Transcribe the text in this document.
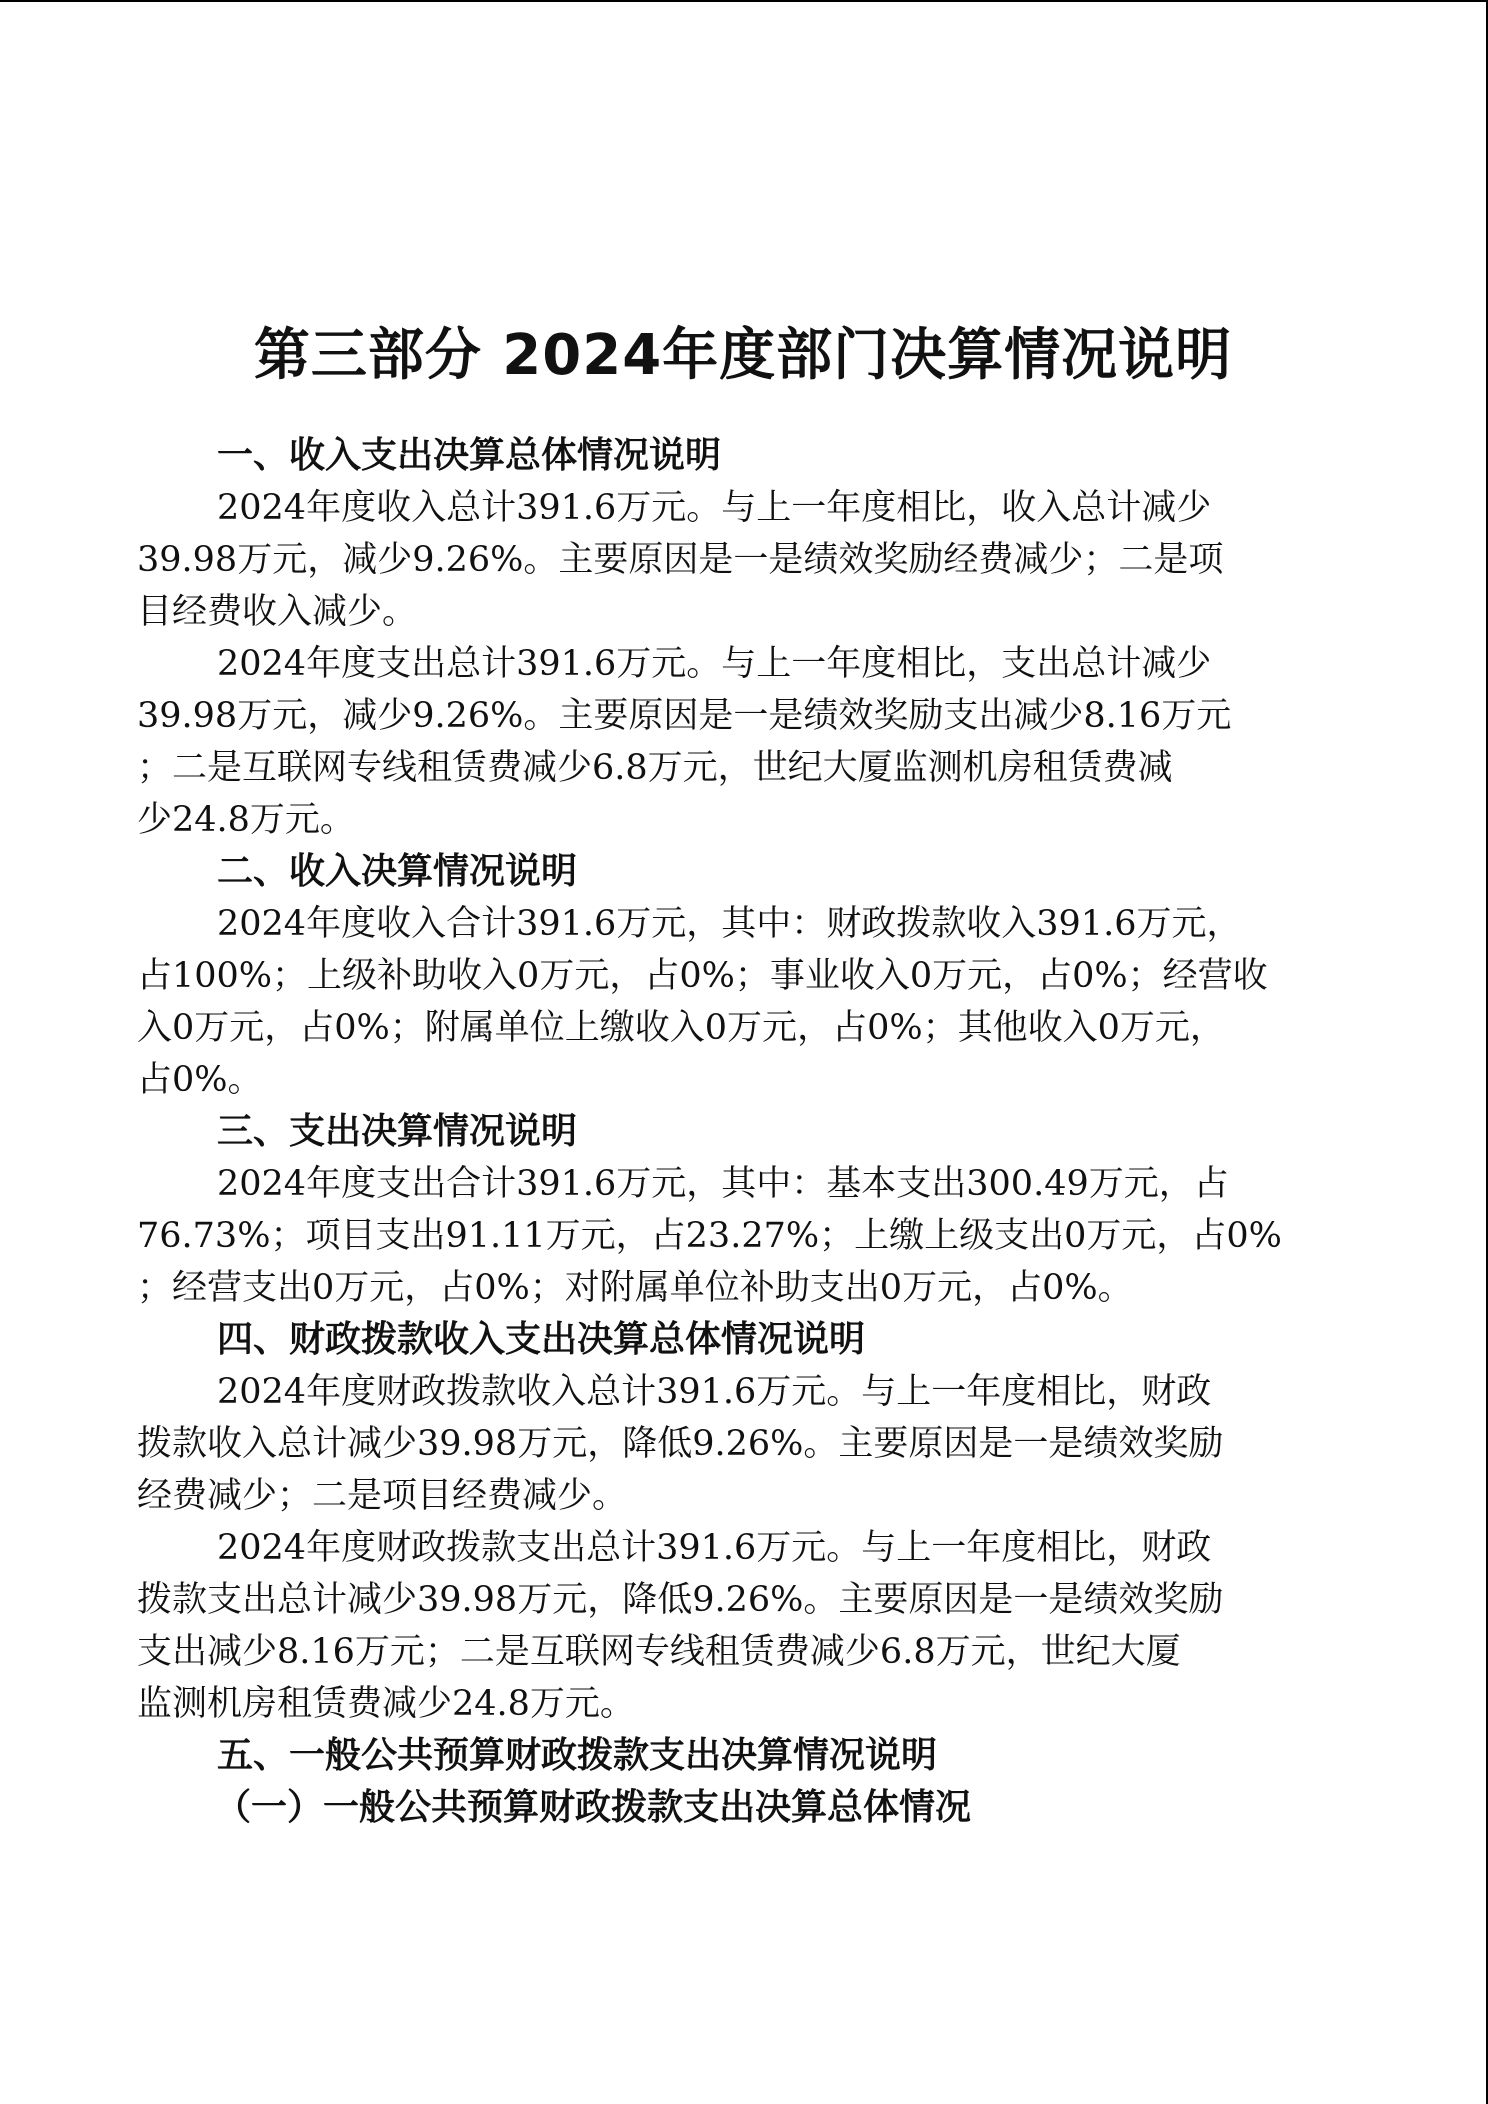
第三部分 2024年度部门决算情况说明
一、收入支出决算总体情况说明

2024年度收入总计391.6万元。与上一年度相比，收入总计减少
39.98万元，减少9.26%。主要原因是一是绩效奖励经费减少；二是项
目经费收入减少。

2024年度支出总计391.6万元。与上一年度相比，支出总计减少
39.98万元，减少9.26%。主要原因是一是绩效奖励支出减少8.16万元
；二是互联网专线租赁费减少6.8万元，世纪大厦监测机房租赁费减
少24.8万元。

二、收入决算情况说明

2024年度收入合计391.6万元，其中：财政拨款收入391.6万元，
占100%；上级补助收入0万元，占0%；事业收入0万元，占0%；经营收
入0万元，占0%；附属单位上缴收入0万元，占0%；其他收入0万元，
占0%。

三、支出决算情况说明

2024年度支出合计391.6万元，其中：基本支出300.49万元，占
76.73%；项目支出91.11万元，占23.27%；上缴上级支出0万元，占0%
；经营支出0万元，占0%；对附属单位补助支出0万元，占0%。

四、财政拨款收入支出决算总体情况说明

2024年度财政拨款收入总计391.6万元。与上一年度相比，财政
拨款收入总计减少39.98万元，降低9.26%。主要原因是一是绩效奖励
经费减少；二是项目经费减少。

2024年度财政拨款支出总计391.6万元。与上一年度相比，财政
拨款支出总计减少39.98万元，降低9.26%。主要原因是一是绩效奖励
支出减少8.16万元；二是互联网专线租赁费减少6.8万元，世纪大厦
监测机房租赁费减少24.8万元。

五、一般公共预算财政拨款支出决算情况说明
（一）一般公共预算财政拨款支出决算总体情况
